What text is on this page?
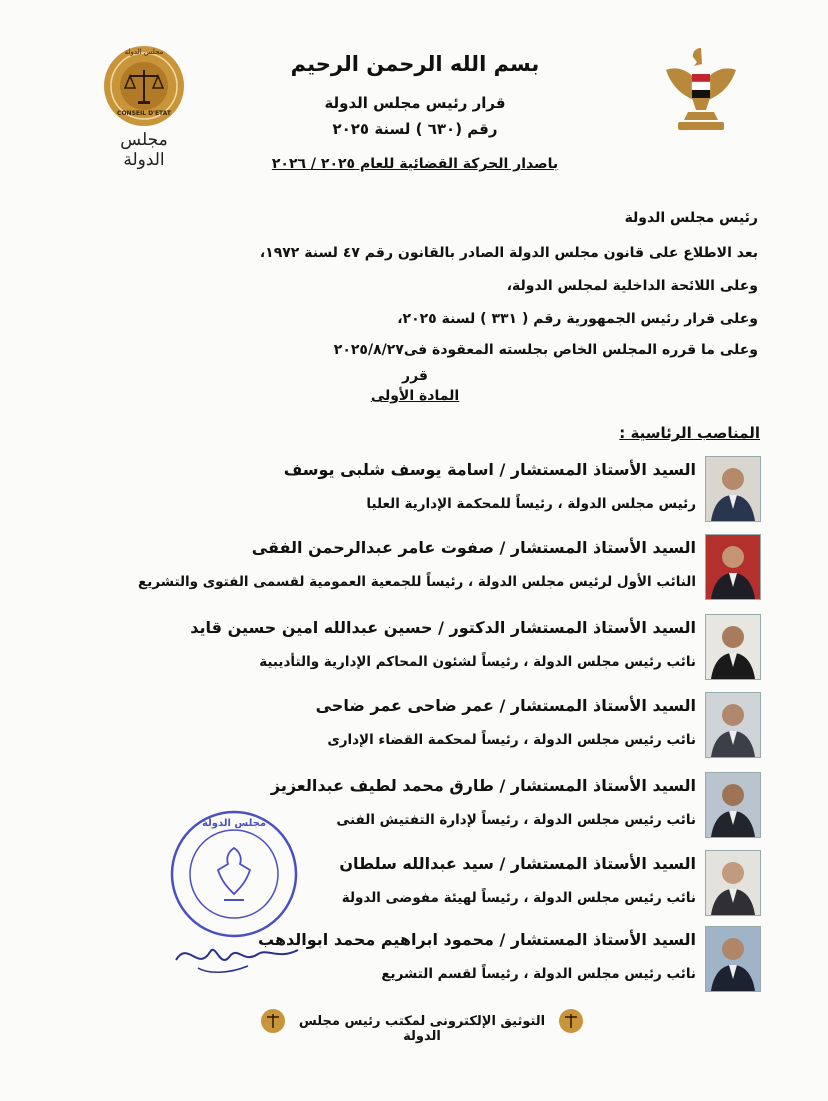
مجلس الدولة
CONSEIL D'ETAT
مجلس الدولة
بسم الله الرحمن الرحيم
قرار رئيس مجلس الدولة
رقم (٦٣٠ ) لسنة ٢٠٢٥
باصدار الحركة القضائية للعام ٢٠٢٥ / ٢٠٢٦
رئيس مجلس الدولة
بعد الاطلاع على قانون مجلس الدولة الصادر بالقانون رقم ٤٧ لسنة ١٩٧٢،
وعلى اللائحة الداخلية لمجلس الدولة،
وعلى قرار رئيس الجمهورية رقم ( ٣٣١ ) لسنة ٢٠٢٥،
وعلى ما قرره المجلس الخاص بجلسته المعقودة فى٢٠٢٥/٨/٢٧
قرر
المادة الأولى
المناصب الرئاسية :
السيد الأستاذ المستشار / اسامة يوسف شلبى يوسف
رئيس مجلس الدولة ، رئيساً للمحكمة الإدارية العليا
السيد الأستاذ المستشار / صفوت عامر عبدالرحمن الفقى
النائب الأول لرئيس مجلس الدولة ، رئيساً للجمعية العمومية لقسمى الفتوى والتشريع
السيد الأستاذ المستشار الدكتور / حسين عبدالله امين حسين قايد
نائب رئيس مجلس الدولة ، رئيساً لشئون المحاكم الإدارية والتأديبية
السيد الأستاذ المستشار / عمر ضاحى عمر ضاحى
نائب رئيس مجلس الدولة ، رئيساً لمحكمة القضاء الإدارى
السيد الأستاذ المستشار / طارق محمد لطيف عبدالعزيز
نائب رئيس مجلس الدولة ، رئيساً لإدارة التفتيش الفنى
السيد الأستاذ المستشار / سيد عبدالله سلطان
نائب رئيس مجلس الدولة ، رئيساً لهيئة مفوضى الدولة
السيد الأستاذ المستشار / محمود ابراهيم محمد ابوالدهب
نائب رئيس مجلس الدولة ، رئيساً لقسم التشريع
مجلس الدولة
التوثيق الإلكترونى لمكتب رئيس مجلس الدولة
